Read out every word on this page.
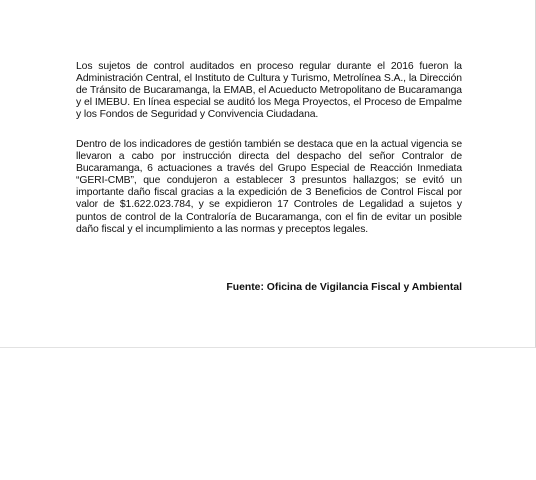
Los sujetos de control auditados en proceso regular durante el 2016 fueron la Administración Central, el Instituto de Cultura y Turismo, Metrolínea S.A., la Dirección de Tránsito de Bucaramanga, la EMAB, el Acueducto Metropolitano de Bucaramanga y el IMEBU. En línea especial se auditó los Mega Proyectos, el Proceso de Empalme y los Fondos de Seguridad y Convivencia Ciudadana.

Dentro de los indicadores de gestión también se destaca que en la actual vigencia se llevaron a cabo por instrucción directa del despacho del señor Contralor de Bucaramanga, 6 actuaciones a través del Grupo Especial de Reacción Inmediata “GERI-CMB”, que condujeron a establecer 3 presuntos hallazgos; se evitó un importante daño fiscal gracias a la expedición de 3 Beneficios de Control Fiscal por valor de $1.622.023.784, y se expidieron 17 Controles de Legalidad a sujetos y puntos de control de la Contraloría de Bucaramanga, con el fin de evitar un posible daño fiscal y el incumplimiento a las normas y preceptos legales.

Fuente: Oficina de Vigilancia Fiscal y Ambiental
